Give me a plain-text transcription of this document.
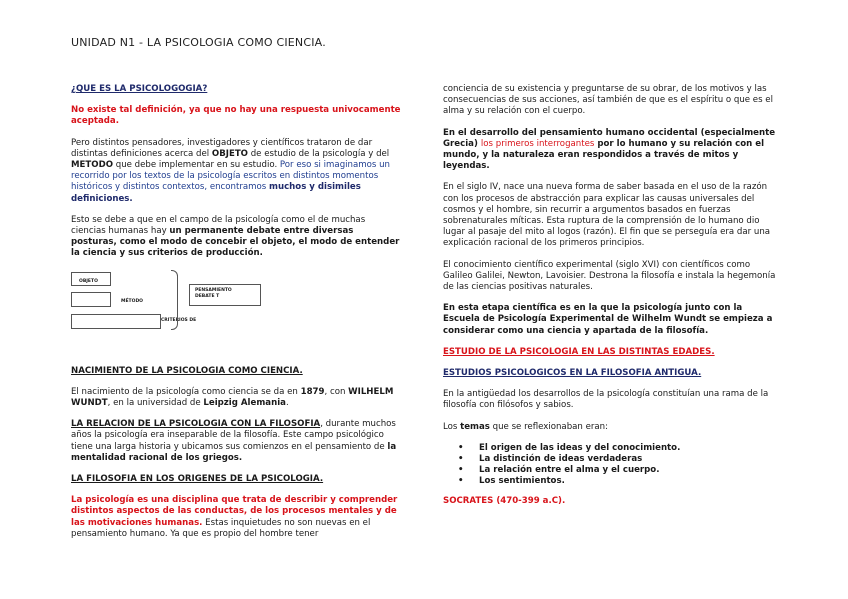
UNIDAD N1 - LA PSICOLOGIA COMO CIENCIA.

¿QUE ES LA PSICOLOGOGIA?

No existe tal definición, ya que no hay una respuesta univocamente aceptada.

Pero distintos pensadores, investigadores y científicos trataron de dar distintas definiciones acerca del OBJETO de estudio de la psicología y del METODO que debe implementar en su estudio. Por eso si imaginamos un recorrido por los textos de la psicología escritos en distintos momentos históricos y distintos contextos, encontramos muchos y disimiles definiciones.

Esto se debe a que en el campo de la psicología como el de muchas ciencias humanas hay un permanente debate entre diversas posturas, como el modo de concebir el objeto, el modo de entender la ciencia y sus criterios de producción.

OBJETO
MÉTODO
CRITERIOS DE
PENSAMIENTO DEBATE T

NACIMIENTO DE LA PSICOLOGIA COMO CIENCIA.

El nacimiento de la psicología como ciencia se da en 1879, con WILHELM WUNDT, en la universidad de Leipzig Alemania.

LA RELACION DE LA PSICOLOGIA CON LA FILOSOFIA, durante muchos años la psicología era inseparable de la filosofía. Este campo psicológico tiene una larga historia y ubicamos sus comienzos en el pensamiento de la mentalidad racional de los griegos.

LA FILOSOFIA EN LOS ORIGENES DE LA PSICOLOGIA.

La psicología es una disciplina que trata de describir y comprender distintos aspectos de las conductas, de los procesos mentales y de las motivaciones humanas. Estas inquietudes no son nuevas en el pensamiento humano. Ya que es propio del hombre tener

conciencia de su existencia y preguntarse de su obrar, de los motivos y las consecuencias de sus acciones, así también de que es el espíritu o que es el alma y su relación con el cuerpo.

En el desarrollo del pensamiento humano occidental (especialmente Grecia) los primeros interrogantes por lo humano y su relación con el mundo, y la naturaleza eran respondidos a través de mitos y leyendas.

En el siglo IV, nace una nueva forma de saber basada en el uso de la razón con los procesos de abstracción para explicar las causas universales del cosmos y el hombre, sin recurrir a argumentos basados en fuerzas sobrenaturales míticas. Esta ruptura de la comprensión de lo humano dio lugar al pasaje del mito al logos (razón). El fin que se perseguía era dar una explicación racional de los primeros principios.

El conocimiento científico experimental (siglo XVI) con científicos como Galileo Galilei, Newton, Lavoisier. Destrona la filosofía e instala la hegemonía de las ciencias positivas naturales.

En esta etapa científica es en la que la psicología junto con la Escuela de Psicología Experimental de Wilhelm Wundt se empieza a considerar como una ciencia y apartada de la filosofía.

ESTUDIO DE LA PSICOLOGIA EN LAS DISTINTAS EDADES.

ESTUDIOS PSICOLOGICOS EN LA FILOSOFIA ANTIGUA.

En la antigüedad los desarrollos de la psicología constituían una rama de la filosofía con filósofos y sabios.

Los temas que se reflexionaban eran:

• El origen de las ideas y del conocimiento.
• La distinción de ideas verdaderas
• La relación entre el alma y el cuerpo.
• Los sentimientos.

SOCRATES (470-399 a.C).
